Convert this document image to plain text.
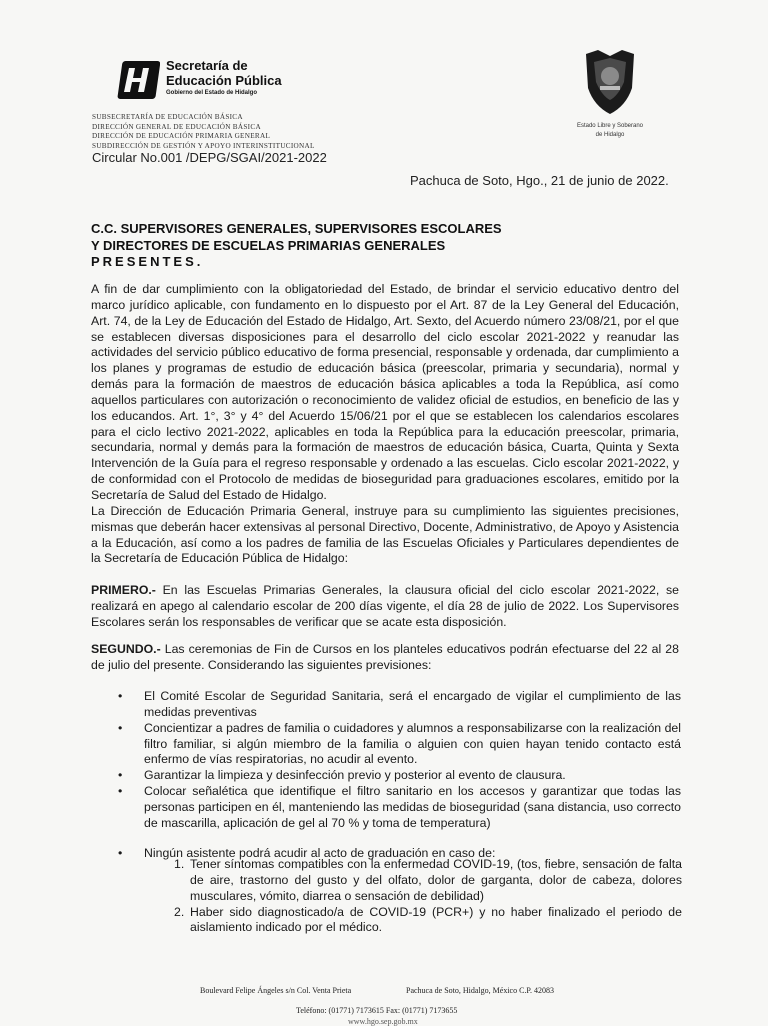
Secretaría de
Educación Pública
Gobierno del Estado de Hidalgo
SUBSECRETARÍA DE EDUCACIÓN BÁSICA
DIRECCIÓN GENERAL DE EDUCACIÓN BÁSICA
DIRECCIÓN DE EDUCACIÓN PRIMARIA GENERAL
SUBDIRECCIÓN DE GESTIÓN Y APOYO INTERINSTITUCIONAL
Circular No.001 /DEPG/SGAI/2021-2022
Estado Libre y Soberano
de Hidalgo
Pachuca de Soto, Hgo., 21 de junio de 2022.
C.C. SUPERVISORES GENERALES, SUPERVISORES ESCOLARES
Y DIRECTORES DE ESCUELAS PRIMARIAS GENERALES
PRESENTES.
A fin de dar cumplimiento con la obligatoriedad del Estado, de brindar el servicio educativo dentro del marco jurídico aplicable, con fundamento en lo dispuesto por el Art. 87 de la Ley General del Educación, Art. 74, de la Ley de Educación del Estado de Hidalgo, Art. Sexto, del Acuerdo número 23/08/21, por el que se establecen diversas disposiciones para el desarrollo del ciclo escolar 2021-2022 y reanudar las actividades del servicio público educativo de forma presencial, responsable y ordenada, dar cumplimiento a los planes y programas de estudio de educación básica (preescolar, primaria y secundaria), normal y demás para la formación de maestros de educación básica aplicables a toda la República, así como aquellos particulares con autorización o reconocimiento de validez oficial de estudios, en beneficio de las y los educandos. Art. 1°, 3° y 4° del Acuerdo 15/06/21 por el que se establecen los calendarios escolares para el ciclo lectivo 2021-2022, aplicables en toda la República para la educación preescolar, primaria, secundaria, normal y demás para la formación de maestros de educación básica, Cuarta, Quinta y Sexta Intervención de la Guía para el regreso responsable y ordenado a las escuelas. Ciclo escolar 2021-2022, y de conformidad con el Protocolo de medidas de bioseguridad para graduaciones escolares, emitido por la Secretaría de Salud del Estado de Hidalgo.
La Dirección de Educación Primaria General, instruye para su cumplimiento las siguientes precisiones, mismas que deberán hacer extensivas al personal Directivo, Docente, Administrativo, de Apoyo y Asistencia a la Educación, así como a los padres de familia de las Escuelas Oficiales y Particulares dependientes de la Secretaría de Educación Pública de Hidalgo:
PRIMERO.- En las Escuelas Primarias Generales, la clausura oficial del ciclo escolar 2021-2022, se realizará en apego al calendario escolar de 200 días vigente, el día 28 de julio de 2022. Los Supervisores Escolares serán los responsables de verificar que se acate esta disposición.
SEGUNDO.- Las ceremonias de Fin de Cursos en los planteles educativos podrán efectuarse del 22 al 28 de julio del presente. Considerando las siguientes previsiones:
• El Comité Escolar de Seguridad Sanitaria, será el encargado de vigilar el cumplimiento de las medidas preventivas
• Concientizar a padres de familia o cuidadores y alumnos a responsabilizarse con la realización del filtro familiar, si algún miembro de la familia o alguien con quien hayan tenido contacto está enfermo de vías respiratorias, no acudir al evento.
• Garantizar la limpieza y desinfección previo y posterior al evento de clausura.
• Colocar señalética que identifique el filtro sanitario en los accesos y garantizar que todas las personas participen en él, manteniendo las medidas de bioseguridad (sana distancia, uso correcto de mascarilla, aplicación de gel al 70 % y toma de temperatura)
• Ningún asistente podrá acudir al acto de graduación en caso de:
1. Tener síntomas compatibles con la enfermedad COVID-19, (tos, fiebre, sensación de falta de aire, trastorno del gusto y del olfato, dolor de garganta, dolor de cabeza, dolores musculares, vómito, diarrea o sensación de debilidad)
2. Haber sido diagnosticado/a de COVID-19 (PCR+) y no haber finalizado el periodo de aislamiento indicado por el médico.
Boulevard Felipe Ángeles s/n Col. Venta Prieta	Pachuca de Soto, Hidalgo, México C.P. 42083
Teléfono: (01771) 7173615 Fax: (01771) 7173655
www.hgo.sep.gob.mx
